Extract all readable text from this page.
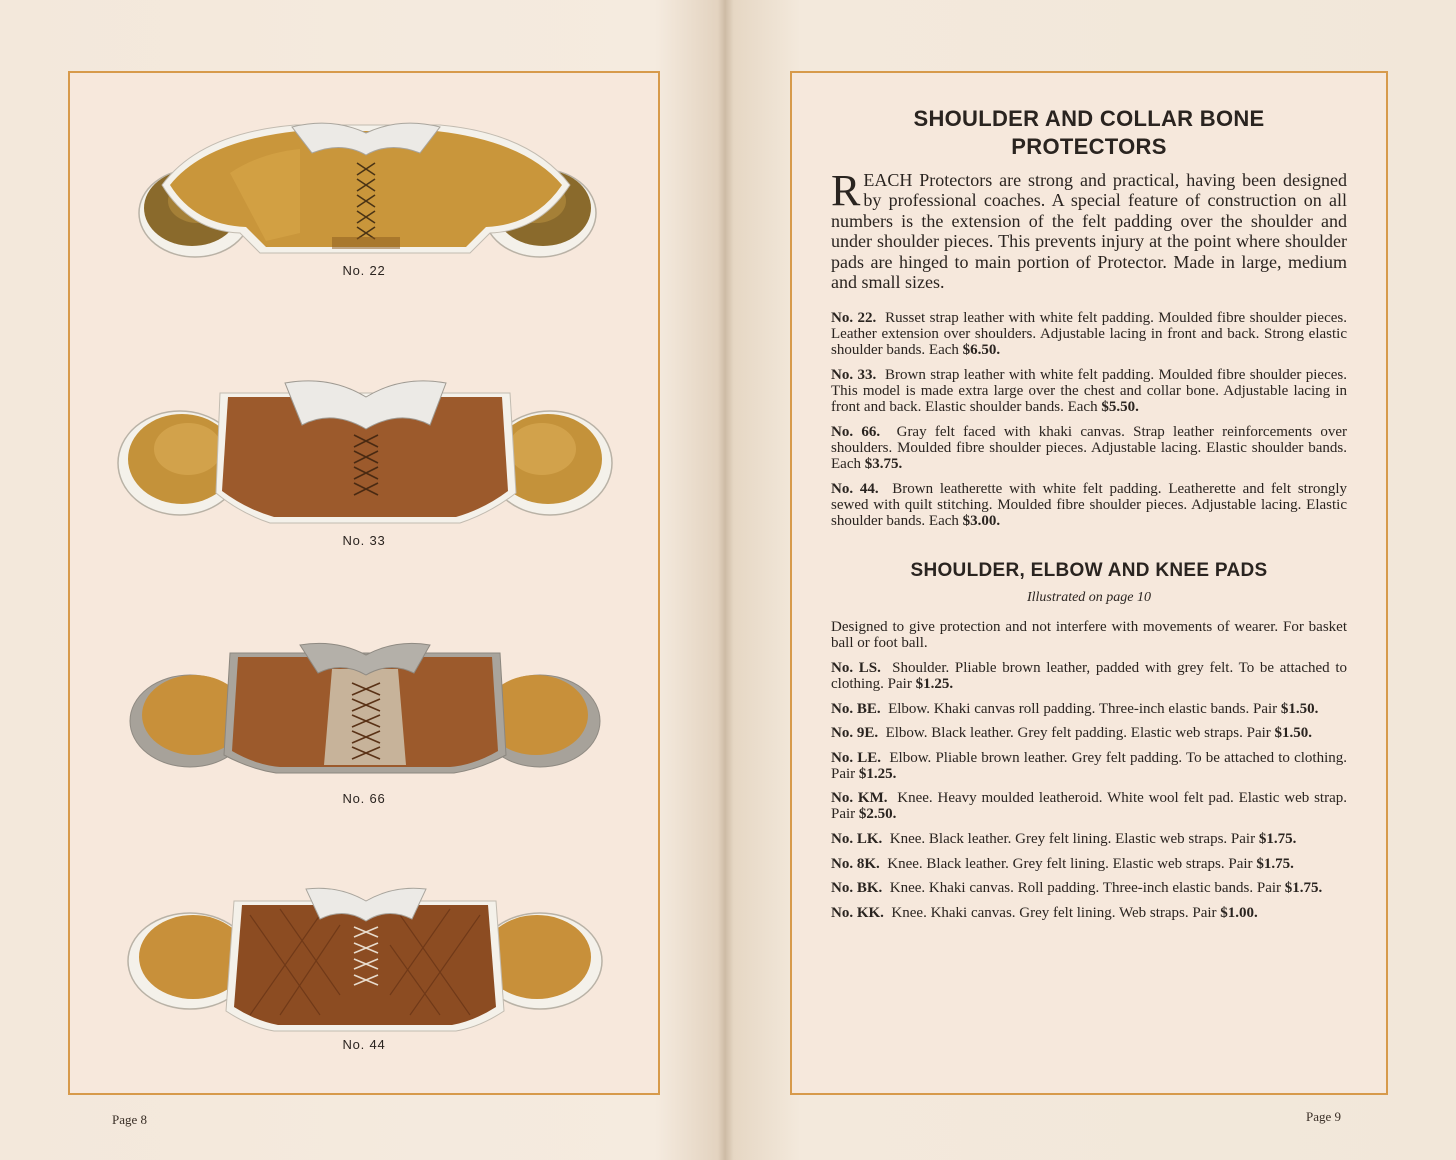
No. 22
No. 33
No. 66
No. 44
Page 8
SHOULDER AND COLLAR BONE
PROTECTORS

REACH Protectors are strong and practical, having been designed by professional coaches. A special feature of construction on all numbers is the extension of the felt padding over the shoulder and under shoulder pieces. This prevents injury at the point where shoulder pads are hinged to main portion of Protector. Made in large, medium and small sizes.

No. 22. Russet strap leather with white felt padding. Moulded fibre shoulder pieces. Leather extension over shoulders. Adjustable lacing in front and back. Strong elastic shoulder bands. Each $6.50.

No. 33. Brown strap leather with white felt padding. Moulded fibre shoulder pieces. This model is made extra large over the chest and collar bone. Adjustable lacing in front and back. Elastic shoulder bands. Each $5.50.

No. 66. Gray felt faced with khaki canvas. Strap leather reinforcements over shoulders. Moulded fibre shoulder pieces. Adjustable lacing. Elastic shoulder bands. Each $3.75.

No. 44. Brown leatherette with white felt padding. Leatherette and felt strongly sewed with quilt stitching. Moulded fibre shoulder pieces. Adjustable lacing. Elastic shoulder bands. Each $3.00.

SHOULDER, ELBOW AND KNEE PADS
Illustrated on page 10

Designed to give protection and not interfere with movements of wearer. For basket ball or foot ball.

No. LS. Shoulder. Pliable brown leather, padded with grey felt. To be attached to clothing. Pair $1.25.

No. BE. Elbow. Khaki canvas roll padding. Three-inch elastic bands. Pair $1.50.

No. 9E. Elbow. Black leather. Grey felt padding. Elastic web straps. Pair $1.50.

No. LE. Elbow. Pliable brown leather. Grey felt padding. To be attached to clothing. Pair $1.25.

No. KM. Knee. Heavy moulded leatheroid. White wool felt pad. Elastic web strap. Pair $2.50.

No. LK. Knee. Black leather. Grey felt lining. Elastic web straps. Pair $1.75.

No. 8K. Knee. Black leather. Grey felt lining. Elastic web straps. Pair $1.75.

No. BK. Knee. Khaki canvas. Roll padding. Three-inch elastic bands. Pair $1.75.

No. KK. Knee. Khaki canvas. Grey felt lining. Web straps. Pair $1.00.

Page 9
